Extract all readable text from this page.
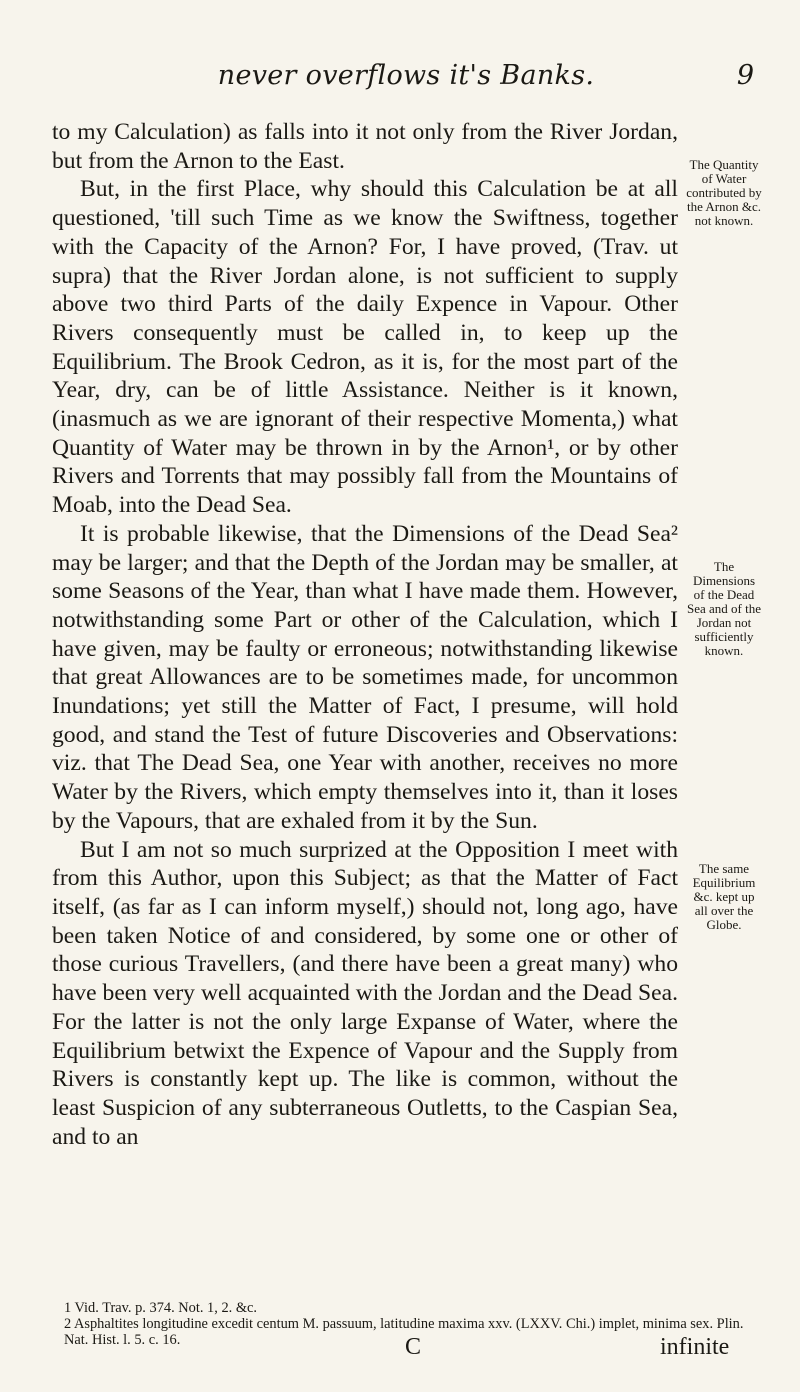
never overflows it's Banks.	9

to my Calculation) as falls into it not only from the River Jordan, but from the Arnon to the East.

But, in the first Place, why should this Calculation be at all questioned, 'till such Time as we know the Swiftness, together with the Capacity of the Arnon? For, I have proved, (Trav. ut supra) that the River Jordan alone, is not sufficient to supply above two third Parts of the daily Expence in Vapour. Other Rivers consequently must be called in, to keep up the Equilibrium. The Brook Cedron, as it is, for the most part of the Year, dry, can be of little Assistance. Neither is it known, (inasmuch as we are ignorant of their respective Momenta,) what Quantity of Water may be thrown in by the Arnon¹, or by other Rivers and Torrents that may possibly fall from the Mountains of Moab, into the Dead Sea.

It is probable likewise, that the Dimensions of the Dead Sea² may be larger; and that the Depth of the Jordan may be smaller, at some Seasons of the Year, than what I have made them. However, notwithstanding some Part or other of the Calculation, which I have given, may be faulty or erroneous; notwithstanding likewise that great Allowances are to be sometimes made, for uncommon Inundations; yet still the Matter of Fact, I presume, will hold good, and stand the Test of future Discoveries and Observations: viz. that The Dead Sea, one Year with another, receives no more Water by the Rivers, which empty themselves into it, than it loses by the Vapours, that are exhaled from it by the Sun.

But I am not so much surprized at the Opposition I meet with from this Author, upon this Subject; as that the Matter of Fact itself, (as far as I can inform myself,) should not, long ago, have been taken Notice of and considered, by some one or other of those curious Travellers, (and there have been a great many) who have been very well acquainted with the Jordan and the Dead Sea. For the latter is not the only large Expanse of Water, where the Equilibrium betwixt the Expence of Vapour and the Supply from Rivers is constantly kept up. The like is common, without the least Suspicion of any subterraneous Outletts, to the Caspian Sea, and to an

The Quantity of Water contributed by the Arnon &c. not known.
The Dimensions of the Dead Sea and of the Jordan not sufficiently known.
The same Equilibrium &c. kept up all over the Globe.

1 Vid. Trav. p. 374. Not. 1, 2. &c.

2 Asphaltites longitudine excedit centum M. passuum, latitudine maxima xxv. (LXXV. Chi.) implet, minima sex. Plin. Nat. Hist. l. 5. c. 16.	C	infinite
